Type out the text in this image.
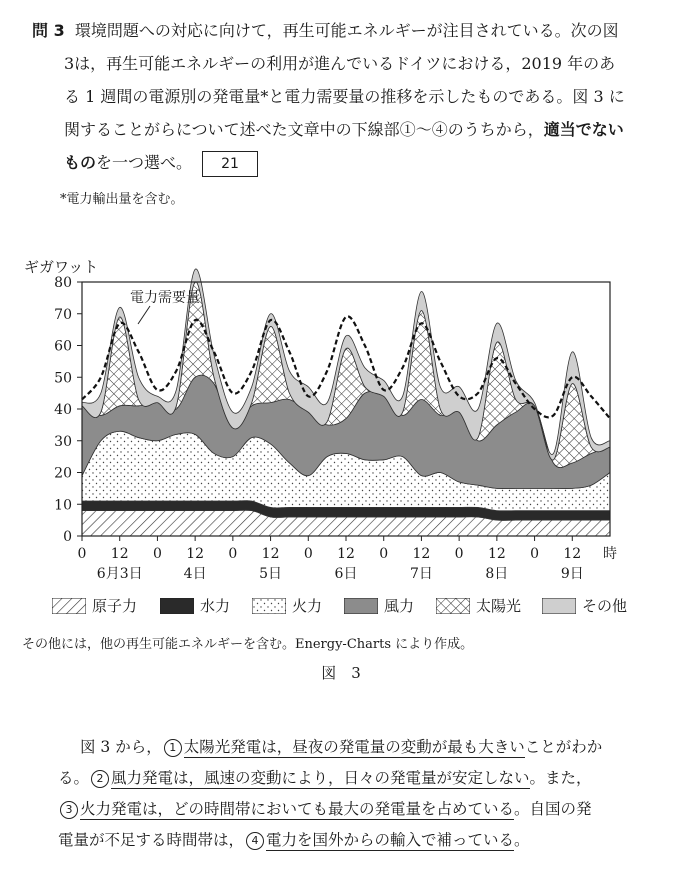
問 3 環境問題への対応に向けて，再生可能エネルギーが注目されている。次の図
3は，再生可能エネルギーの利用が進んでいるドイツにおける，2019 年のあ
る 1 週間の電源別の発電量*と電力需要量の推移を示したものである。図 3 に
関することがらについて述べた文章中の下線部①～④のうちから，適当でない
ものを一つ選べ。 21
*電力輸出量を含む。
ギガワット
0
10
20
30
40
50
60
70
80
0 12 0 12 0 12 0 12 0 12 0 12 0 12 時
6月3日	4日	5日	6日	7日	8日	9日
電力需要量
原子力	水力	火力	風力	太陽光	その他
その他には，他の再生可能エネルギーを含む。Energy-Charts により作成。
図　3
図 3 から， 1 太陽光発電は，昼夜の発電量の変動が最も大きいことがわか
る。 2 風力発電は，風速の変動により，日々の発電量が安定しない。また，
3 火力発電は，どの時間帯においても最大の発電量を占めている。自国の発
電量が不足する時間帯は， 4 電力を国外からの輸入で補っている。
